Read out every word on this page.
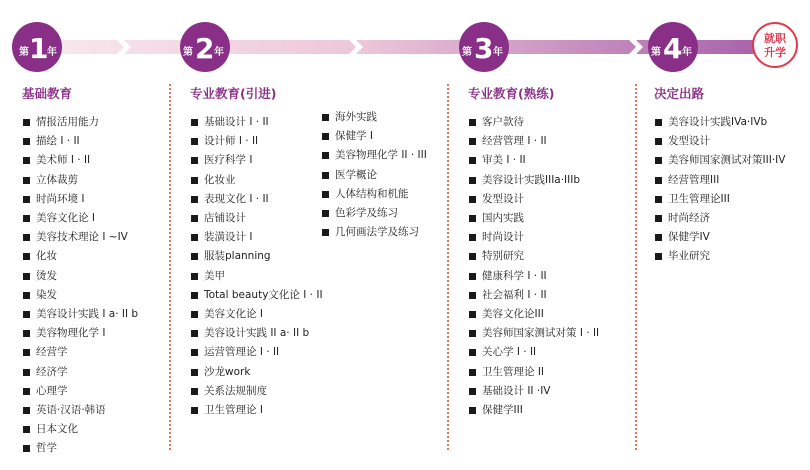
第 1
年	第 2 年	第 3 年	第 4 年
就职
升学
基础教育
情报活用能力
描绘 I · II
美术师 I · II
立体裁剪
时尚环境 I
美容文化论 I
美容技术理论 I ~IV
化妆
烫发
染发
美容设计实践 I a· II b
美容物理化学 I
经营学
经济学
心理学
英语·汉语·韩语
日本文化
哲学
专业教育(引进)
基础设计 I · II
设计师 I · II
医疗科学 I
化妆业
表现文化 I · II
店铺设计
装潢设计 I
服装planning
美甲
Total beauty文化论 I · II
美容文化论 I
美容设计实践 II a· II b
运营管理论 I · II
沙龙work
关系法规制度
卫生管理论 I
海外实践
保健学 I
美容物理化学 II · III
医学概论
人体结构和机能
色彩学及练习
几何画法学及练习
专业教育(熟练)
客户款待
经营管理 I · II
审美 I · II
美容设计实践IIIa·IIIb
发型设计
国内实践
时尚设计
特别研究
健康科学 I · II
社会福利 I · II
美容文化论III
美容师国家测试对策 I · II
关心学 I · II
卫生管理论 II
基础设计 II ·IV
保健学III
决定出路
美容设计实践IVa·IVb
发型设计
美容师国家测试对策III·IV
经营管理III
卫生管理论III
时尚经济
保健学IV
毕业研究
